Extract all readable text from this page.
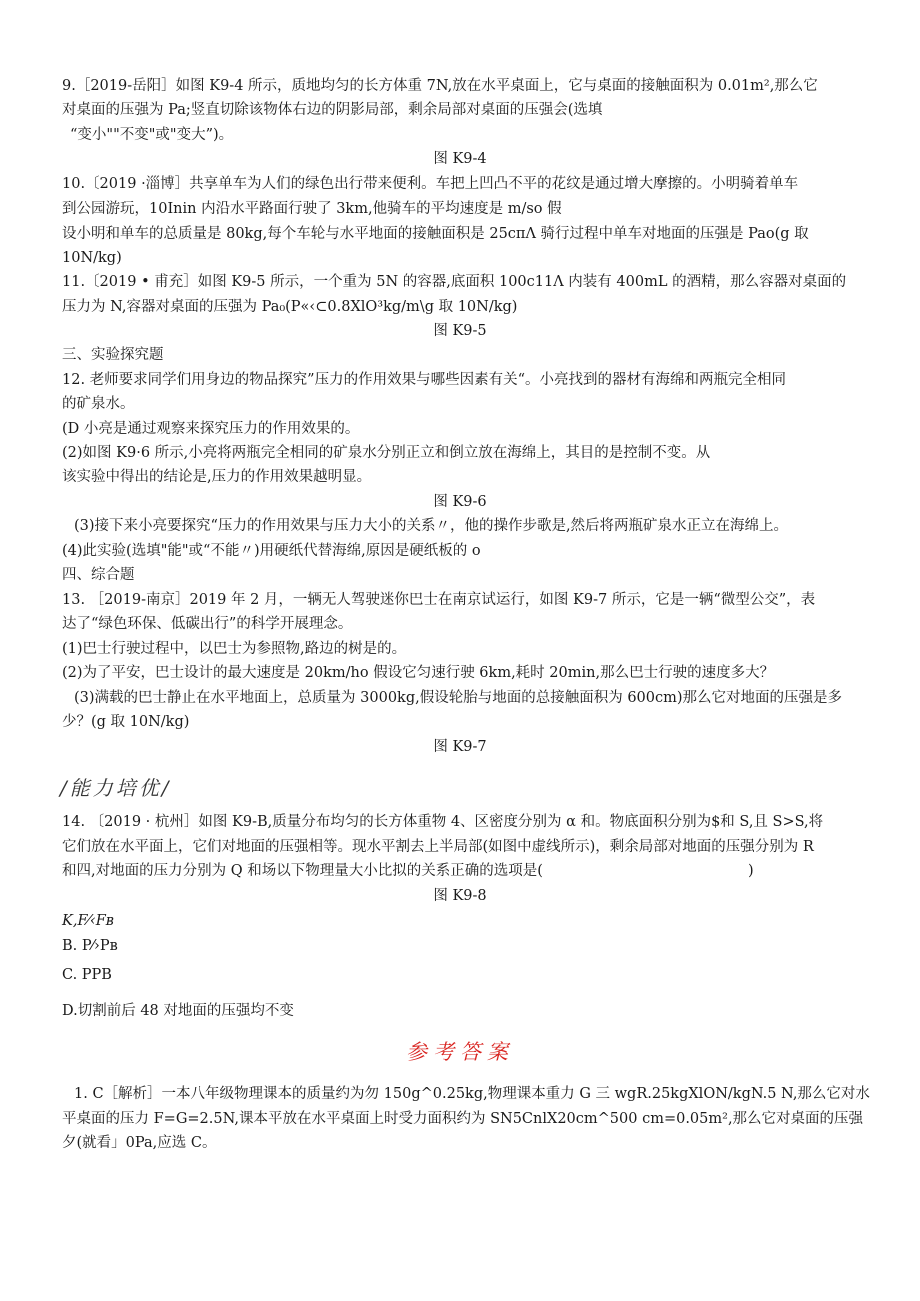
9.［2019-岳阳］如图 K9-4 所示，质地均匀的长方体重 7N,放在水平桌面上，它与桌面的接触面积为 0.01m²,那么它
对桌面的压强为 Pa;竖直切除该物体右边的阴影局部，剩余局部对桌面的压强会(选填
“变小""不变"或"变大”)。
图 K9-4
10.〔2019 ·淄博］共享单车为人们的绿色出行带来便利。车把上凹凸不平的花纹是通过增大摩擦的。小明骑着单车
到公园游玩，10Inin 内沿水平路面行驶了 3km,他骑车的平均速度是 m/so 假
设小明和单车的总质量是 80kg,每个车轮与水平地面的接触面积是 25cπΛ 骑行过程中单车对地面的压强是 Pao(g 取
10N/kg)
11.〔2019 • 甫充］如图 K9-5 所示，一个重为 5N 的容器,底面积 100c11Λ 内装有 400mL 的酒精，那么容器对桌面的
压力为 N,容器对桌面的压强为 Pa₀(P«‹⊂0.8XlO³kg/m\g 取 10N/kg)
图 K9-5
三、实验探究题
12. 老师要求同学们用身边的物品探究”压力的作用效果与哪些因素有关“。小亮找到的器材有海绵和两瓶完全相同
的矿泉水。
(D 小亮是通过观察来探究压力的作用效果的。
(2)如图 K9·6 所示,小亮将两瓶完全相同的矿泉水分别正立和倒立放在海绵上，其目的是控制不变。从
该实验中得出的结论是,压力的作用效果越明显。
图 K9-6
(3)接下来小亮要探究“压力的作用效果与压力大小的关系〃，他的操作步歌是,然后将两瓶矿泉水正立在海绵上。
(4)此实验(选填"能"或“不能〃)用硬纸代替海绵,原因是硬纸板的 o
四、综合题
13. ［2019-南京］2019 年 2 月，一辆无人驾驶迷你巴士在南京试运行，如图 K9-7 所示，它是一辆“微型公交”，表
达了“绿色环保、低碳出行”的科学开展理念。
(1)巴士行驶过程中，以巴士为参照物,路边的树是的。
(2)为了平安，巴士设计的最大速度是 20km/ho 假设它匀速行驶 6km,耗时 20min,那么巴士行驶的速度多大？
(3)满载的巴士静止在水平地面上，总质量为 3000kg,假设轮胎与地面的总接触面积为 600cm)那么它对地面的压强是多
少？(g 取 10N/kg)
图 K9-7
/能力培优/
14. 〔2019 · 杭州］如图 K9-B,质量分布均匀的长方体重物 4、区密度分别为 α 和。物底面积分别为$和 S,且 S>S,将
它们放在水平面上，它们对地面的压强相等。现水平割去上半局部(如图中虚线所示)，剩余局部对地面的压强分别为 R
和四,对地面的压力分别为 Q 和场以下物理量大小比拟的关系正确的选项是(	)
图 K9-8
K,F⁄‹Fʙ
B. P⁄›Pʙ
C. PPB
D.切割前后 48 对地面的压强均不变
参考答案
1. C［解析］一本八年级物理课本的质量约为勿 150g^0.25kg,物理课本重力 G 三 wgR.25kgXlON/kgN.5 N,那么它对水
平桌面的压力 F=G=2.5N,课本平放在水平桌面上时受力面积约为 SN5CnlX20cm^500 cm=0.05m²,那么它对桌面的压强
夕(就看」0Pa,应选 C。
